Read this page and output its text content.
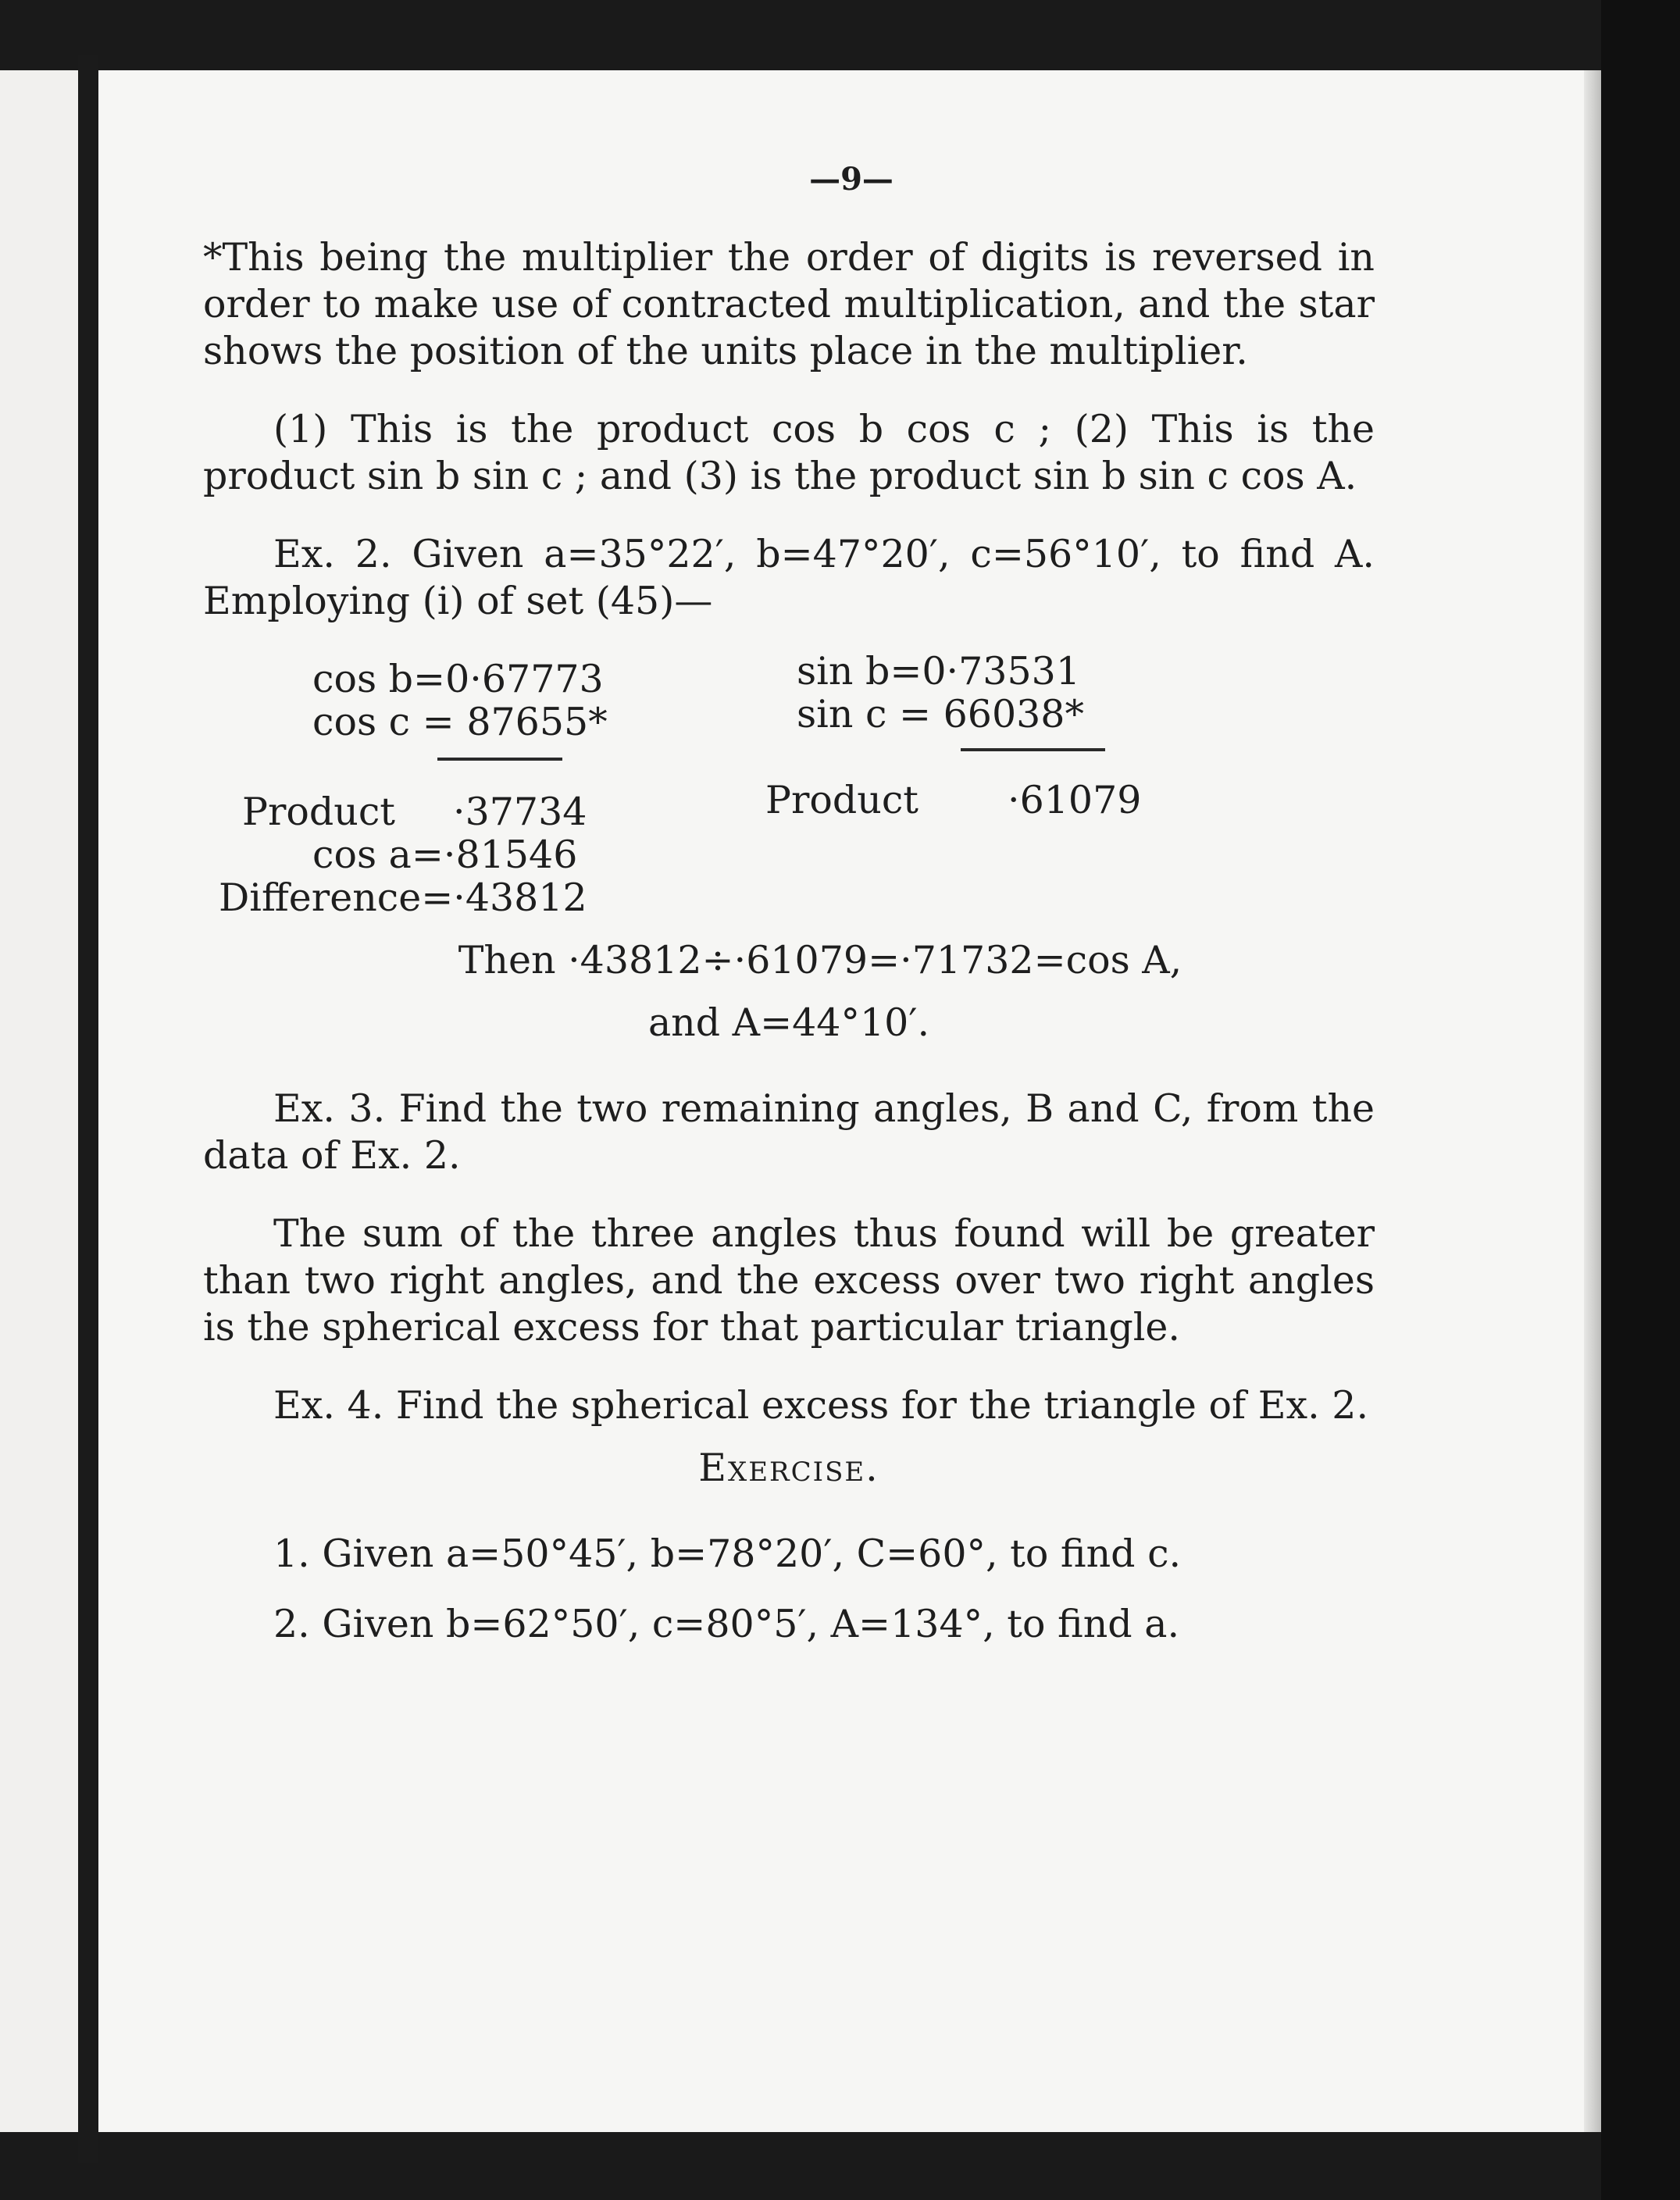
—9—

*This being the multiplier the order of digits is reversed in order to make use of contracted multiplication, and the star shows the position of the units place in the multiplier.

(1) This is the product cos b cos c ; (2) This is the product sin b sin c ; and (3) is the product sin b sin c cos A.

Ex. 2. Given a=35°22′, b=47°20′, c=56°10′, to find A. Employing (i) of set (45)—

cos b=0·67773
cos c = 87655*
sin b=0·73531
sin c = 66038*
Product ·37734	Product ·61079
cos a=·81546
Difference=·43812
Then ·43812÷·61079=·71732=cos A,
and A=44°10′.

Ex. 3. Find the two remaining angles, B and C, from the data of Ex. 2.

The sum of the three angles thus found will be greater than two right angles, and the excess over two right angles is the spherical excess for that particular triangle.

Ex. 4. Find the spherical excess for the triangle of Ex. 2.

Exercise.
1. Given a=50°45′, b=78°20′, C=60°, to find c.
2. Given b=62°50′, c=80°5′, A=134°, to find a.
